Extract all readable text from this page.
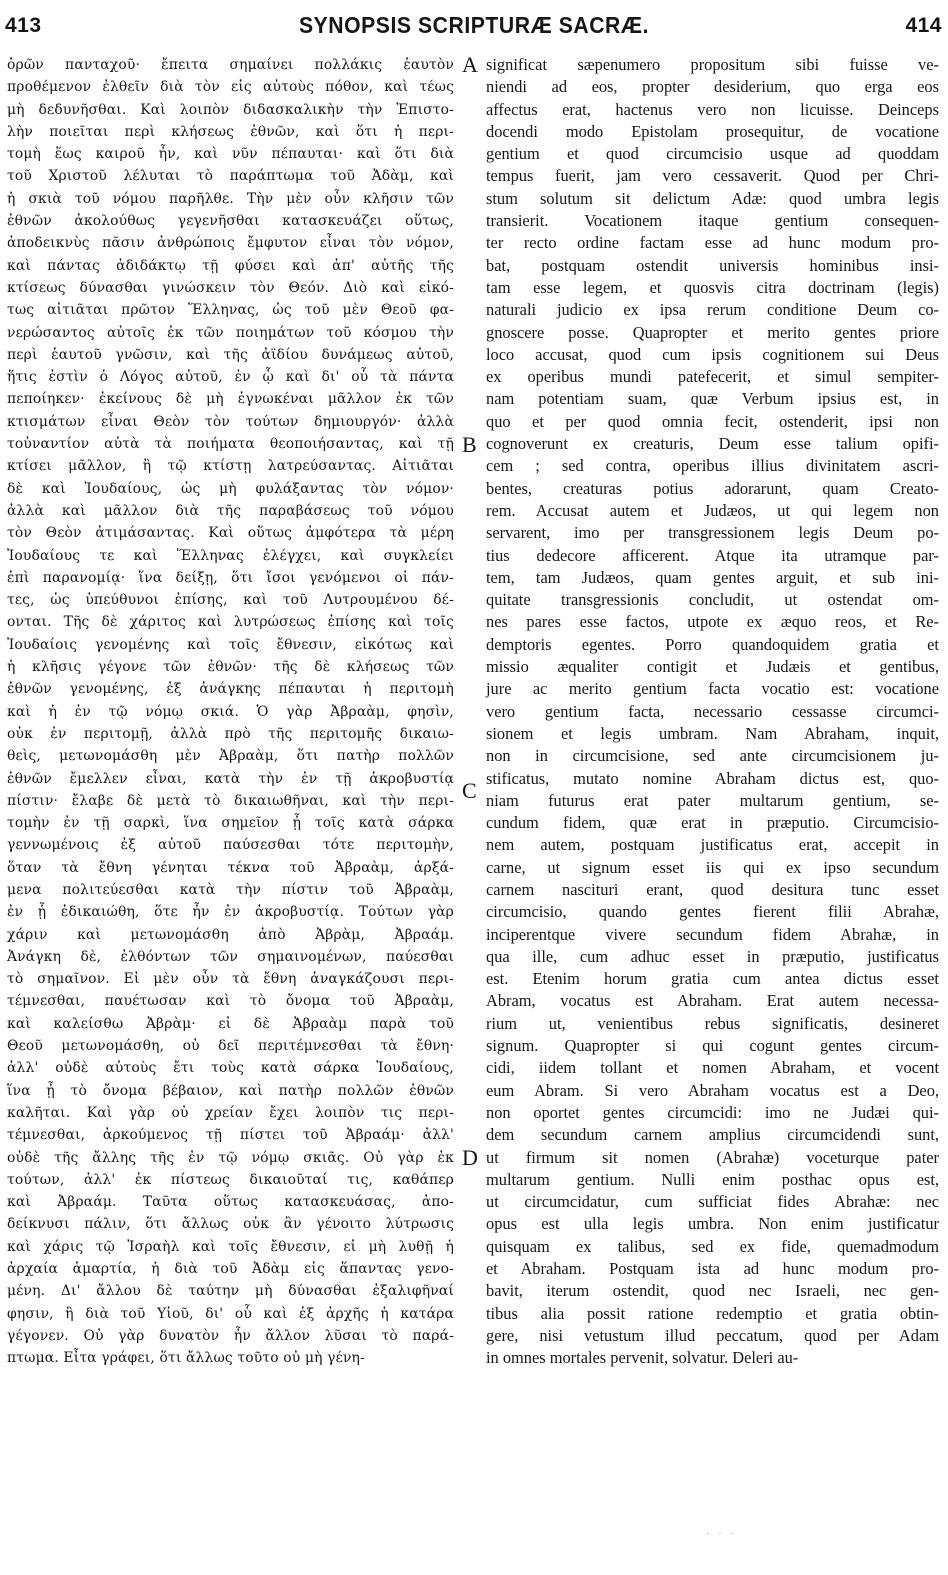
413	SYNOPSIS SCRIPTURÆ SACRÆ.	414
ὁρῶν πανταχοῦ· ἔπειτα σημαίνει πολλάκις ἑαυτὸν
προθέμενον ἐλθεῖν διὰ τὸν εἰς αὐτοὺς πόθον, καὶ τέως
μὴ δεδυνῆσθαι. Καὶ λοιπὸν διδασκαλικὴν τὴν Ἐπιστο-
λὴν ποιεῖται περὶ κλήσεως ἐθνῶν, καὶ ὅτι ἡ περι-
τομὴ ἕως καιροῦ ἦν, καὶ νῦν πέπαυται· καὶ ὅτι διὰ
τοῦ Χριστοῦ λέλυται τὸ παράπτωμα τοῦ Ἀδὰμ, καὶ
ἡ σκιὰ τοῦ νόμου παρῆλθε. Τὴν μὲν οὖν κλῆσιν τῶν
ἐθνῶν ἀκολούθως γεγενῆσθαι κατασκευάζει οὕτως,
ἀποδεικνὺς πᾶσιν ἀνθρώποις ἔμφυτον εἶναι τὸν νόμον,
καὶ πάντας ἀδιδάκτῳ τῇ φύσει καὶ ἀπ' αὐτῆς τῆς
κτίσεως δύνασθαι γινώσκειν τὸν Θεόν. Διὸ καὶ εἰκό-
τως αἰτιᾶται πρῶτον Ἕλληνας, ὡς τοῦ μὲν Θεοῦ φα-
νερώσαντος αὐτοῖς ἐκ τῶν ποιημάτων τοῦ κόσμου τὴν
περὶ ἑαυτοῦ γνῶσιν, καὶ τῆς ἀϊδίου δυνάμεως αὐτοῦ,
ἥτις ἐστὶν ὁ Λόγος αὐτοῦ, ἐν ᾧ καὶ δι' οὗ τὰ πάντα
πεποίηκεν· ἐκείνους δὲ μὴ ἐγνωκέναι μᾶλλον ἐκ τῶν
κτισμάτων εἶναι Θεὸν τὸν τούτων δημιουργόν· ἀλλὰ
τοὐναντίον αὐτὰ τὰ ποιήματα θεοποιήσαντας, καὶ τῇ
κτίσει μᾶλλον, ἢ τῷ κτίστῃ λατρεύσαντας. Αἰτιᾶται
δὲ καὶ Ἰουδαίους, ὡς μὴ φυλάξαντας τὸν νόμον·
ἀλλὰ καὶ μᾶλλον διὰ τῆς παραβάσεως τοῦ νόμου
τὸν Θεὸν ἀτιμάσαντας. Καὶ οὕτως ἀμφότερα τὰ μέρη
Ἰουδαίους τε καὶ Ἕλληνας ἐλέγχει, καὶ συγκλείει
ἐπὶ παρανομίᾳ· ἵνα δείξῃ, ὅτι ἴσοι γενόμενοι οἱ πάν-
τες, ὡς ὑπεύθυνοι ἐπίσης, καὶ τοῦ Λυτρουμένου δέ-
ονται. Τῆς δὲ χάριτος καὶ λυτρώσεως ἐπίσης καὶ τοῖς
Ἰουδαίοις γενομένης καὶ τοῖς ἔθνεσιν, εἰκότως καὶ
ἡ κλῆσις γέγονε τῶν ἐθνῶν· τῆς δὲ κλήσεως τῶν
ἐθνῶν γενομένης, ἐξ ἀνάγκης πέπαυται ἡ περιτομὴ
καὶ ἡ ἐν τῷ νόμῳ σκιά. Ὁ γὰρ Ἀβραὰμ, φησὶν,
οὐκ ἐν περιτομῇ, ἀλλὰ πρὸ τῆς περιτομῆς δικαιω-
θεὶς, μετωνομάσθη μὲν Ἀβραὰμ, ὅτι πατὴρ πολλῶν
ἐθνῶν ἔμελλεν εἶναι, κατὰ τὴν ἐν τῇ ἀκροβυστίᾳ
πίστιν· ἔλαβε δὲ μετὰ τὸ δικαιωθῆναι, καὶ τὴν περι-
τομὴν ἐν τῇ σαρκὶ, ἵνα σημεῖον ᾖ τοῖς κατὰ σάρκα
γεννωμένοις ἐξ αὐτοῦ παύσεσθαι τότε περιτομὴν,
ὅταν τὰ ἔθνη γένηται τέκνα τοῦ Ἀβραὰμ, ἀρξά-
μενα πολιτεύεσθαι κατὰ τὴν πίστιν τοῦ Ἀβραὰμ,
ἐν ᾗ ἐδικαιώθη, ὅτε ἦν ἐν ἀκροβυστίᾳ. Τούτων γὰρ
χάριν καὶ μετωνομάσθη ἀπὸ Ἀβρὰμ, Ἀβραάμ.
Ἀνάγκη δὲ, ἐλθόντων τῶν σημαινομένων, παύεσθαι
τὸ σημαῖνον. Εἰ μὲν οὖν τὰ ἔθνη ἀναγκάζουσι περι-
τέμνεσθαι, παυέτωσαν καὶ τὸ ὄνομα τοῦ Ἀβραὰμ,
καὶ καλείσθω Ἀβρὰμ· εἰ δὲ Ἀβραὰμ παρὰ τοῦ
Θεοῦ μετωνομάσθη, οὐ δεῖ περιτέμνεσθαι τὰ ἔθνη·
ἀλλ' οὐδὲ αὐτοὺς ἔτι τοὺς κατὰ σάρκα Ἰουδαίους,
ἵνα ᾖ τὸ ὄνομα βέβαιον, καὶ πατὴρ πολλῶν ἐθνῶν
καλῆται. Καὶ γὰρ οὐ χρείαν ἔχει λοιπὸν τις περι-
τέμνεσθαι, ἀρκούμενος τῇ πίστει τοῦ Ἀβραάμ· ἀλλ'
οὐδὲ τῆς ἄλλης τῆς ἐν τῷ νόμῳ σκιᾶς. Οὐ γὰρ ἐκ
τούτων, ἀλλ' ἐκ πίστεως δικαιοῦταί τις, καθάπερ
καὶ Ἀβραάμ. Ταῦτα οὕτως κατασκευάσας, ἀπο-
δείκνυσι πάλιν, ὅτι ἄλλως οὐκ ἂν γένοιτο λύτρωσις
καὶ χάρις τῷ Ἰσραὴλ καὶ τοῖς ἔθνεσιν, εἰ μὴ λυθῇ ἡ
ἀρχαία ἁμαρτία, ἡ διὰ τοῦ Ἀδὰμ εἰς ἅπαντας γενο-
μένη. Δι' ἄλλου δὲ ταύτην μὴ δύνασθαι ἐξαλιφῆναί
φησιν, ἢ διὰ τοῦ Υἱοῦ, δι' οὗ καὶ ἐξ ἀρχῆς ἡ κατάρα
γέγονεν. Οὐ γὰρ δυνατὸν ἦν ἄλλον λῦσαι τὸ παρά-
πτωμα. Εἶτα γράφει, ὅτι ἄλλως τοῦτο οὐ μὴ γένη-
significat sæpenumero propositum sibi fuisse ve-
niendi ad eos, propter desiderium, quo erga eos
affectus erat, hactenus vero non licuisse. Deinceps
docendi modo Epistolam prosequitur, de vocatione
gentium et quod circumcisio usque ad quoddam
tempus fuerit, jam vero cessaverit. Quod per Chri-
stum solutum sit delictum Adæ: quod umbra legis
transierit. Vocationem itaque gentium consequen-
ter recto ordine factam esse ad hunc modum pro-
bat, postquam ostendit universis hominibus insi-
tam esse legem, et quosvis citra doctrinam (legis)
naturali judicio ex ipsa rerum conditione Deum co-
gnoscere posse. Quapropter et merito gentes priore
loco accusat, quod cum ipsis cognitionem sui Deus
ex operibus mundi patefecerit, et simul sempiter-
nam potentiam suam, quæ Verbum ipsius est, in
quo et per quod omnia fecit, ostenderit, ipsi non
cognoverunt ex creaturis, Deum esse talium opifi-
cem ; sed contra, operibus illius divinitatem ascri-
bentes, creaturas potius adorarunt, quam Creato-
rem. Accusat autem et Judæos, ut qui legem non
servarent, imo per transgressionem legis Deum po-
tius dedecore afficerent. Atque ita utramque par-
tem, tam Judæos, quam gentes arguit, et sub ini-
quitate transgressionis concludit, ut ostendat om-
nes pares esse factos, utpote ex æquo reos, et Re-
demptoris egentes. Porro quandoquidem gratia et
missio æqualiter contigit et Judæis et gentibus,
jure ac merito gentium facta vocatio est: vocatione
vero gentium facta, necessario cessasse circumci-
sionem et legis umbram. Nam Abraham, inquit,
non in circumcisione, sed ante circumcisionem ju-
stificatus, mutato nomine Abraham dictus est, quo-
niam futurus erat pater multarum gentium, se-
cundum fidem, quæ erat in præputio. Circumcisio-
nem autem, postquam justificatus erat, accepit in
carne, ut signum esset iis qui ex ipso secundum
carnem nascituri erant, quod desitura tunc esset
circumcisio, quando gentes fierent filii Abrahæ,
inciperentque vivere secundum fidem Abrahæ, in
qua ille, cum adhuc esset in præputio, justificatus
est. Etenim horum gratia cum antea dictus esset
Abram, vocatus est Abraham. Erat autem necessa-
rium ut, venientibus rebus significatis, desineret
signum. Quapropter si qui cogunt gentes circum-
cidi, iidem tollant et nomen Abraham, et vocent
eum Abram. Si vero Abraham vocatus est a Deo,
non oportet gentes circumcidi: imo ne Judæi qui-
dem secundum carnem amplius circumcidendi sunt,
ut firmum sit nomen (Abrahæ) voceturque pater
multarum gentium. Nulli enim posthac opus est,
ut circumcidatur, cum sufficiat fides Abrahæ: nec
opus est ulla legis umbra. Non enim justificatur
quisquam ex talibus, sed ex fide, quemadmodum
et Abraham. Postquam ista ad hunc modum pro-
bavit, iterum ostendit, quod nec Israeli, nec gen-
tibus alia possit ratione redemptio et gratia obtin-
gere, nisi vetustum illud peccatum, quod per Adam
in omnes mortales pervenit, solvatur. Deleri au-
A
B
C
D
· · ·
